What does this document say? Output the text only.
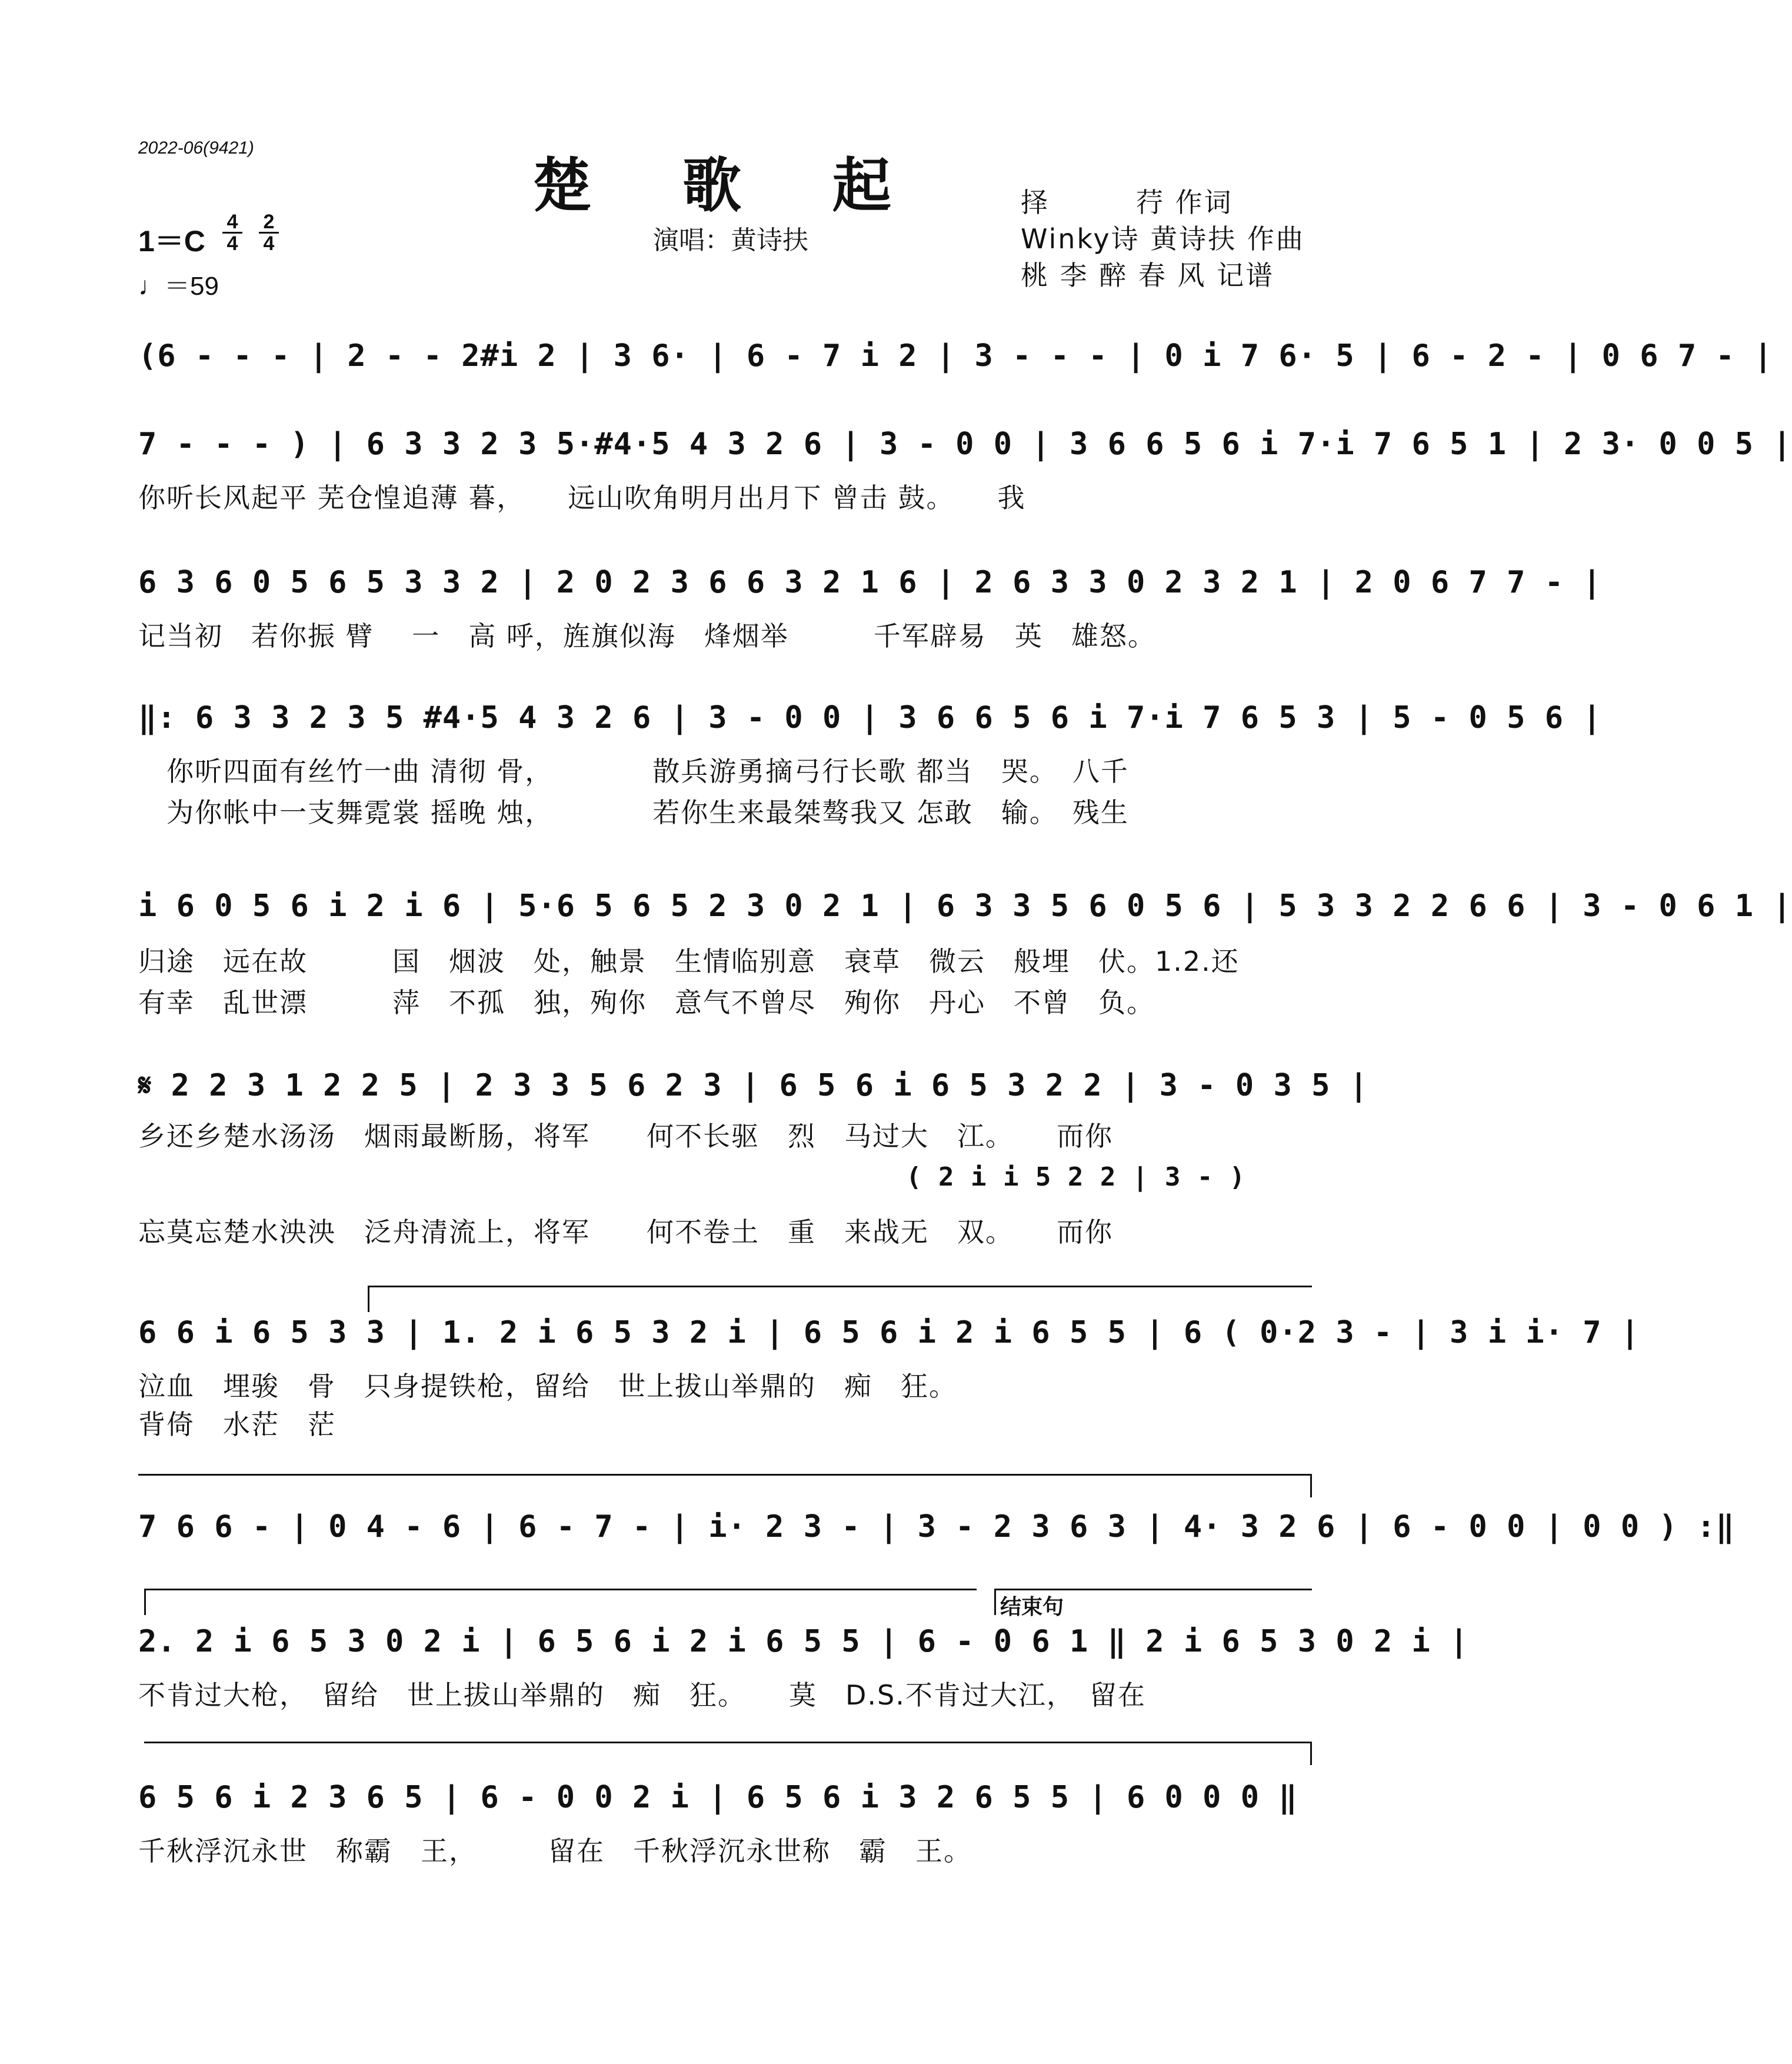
2022-06(9421)
楚 歌 起
演唱：黄诗扶
择　　　荇 作词
Winky诗 黄诗扶 作曲
桃 李 醉 春 风 记谱
1＝C
4
4
2
4
♩＝59
(6 - - - | 2 - - 2#i 2 | 3 6· | 6 - 7 i 2 | 3 - - - | 0 i 7 6· 5 | 6 - 2 - | 0 6 7 - |
7 - - - ) | 6 3 3 2 3 5·#4·5 4 3 2 6 | 3 - 0 0 | 3 6 6 5 6 i 7·i 7 6 5 1 | 2 3· 0 0 5 |
你听长风起平 芜仓惶追薄 暮，　　远山吹角明月出月下 曾击 鼓。　　我
6 3 6 0 5 6 5 3 3 2 | 2 0 2 3 6 6 3 2 1 6 | 2 6 3 3 0 2 3 2 1 | 2 0 6 7 7 - |
记当初　若你振 臂　 一　高 呼，旌旗似海　烽烟举　　　千军辟易　英　雄怒。
‖: 6 3 3 2 3 5 #4·5 4 3 2 6 | 3 - 0 0 | 3 6 6 5 6 i 7·i 7 6 5 3 | 5 - 0 5 6 |
　你听四面有丝竹一曲 清彻 骨，　　　　散兵游勇摘弓行长歌 都当　哭。　八千
　为你帐中一支舞霓裳 摇晚 烛，　　　　若你生来最桀骜我又 怎敢　输。　残生
i 6 0 5 6 i 2 i 6 | 5·6 5 6 5 2 3 0 2 1 | 6 3 3 5 6 0 5 6 | 5 3 3 2 2 6 6 | 3 - 0 6 1 |
归途　远在故　　　国　烟波　处，触景　生情临别意　衰草　微云　般埋　伏。1.2.还
有幸　乱世漂　　　萍　不孤　独，殉你　意气不曾尽　殉你　丹心　不曾　负。
𝄋 2 2 3 1 2 2 5 | 2 3 3 5 6 2 3 | 6 5 6 i 6 5 3 2 2 | 3 - 0 3 5 |
乡还乡楚水汤汤　烟雨最断肠，将军　　何不长驱　烈　马过大　江。　　而你
( 2 i i 5 2 2 | 3 - )
忘莫忘楚水泱泱　泛舟清流上，将军　　何不卷土　重　来战无　双。　　而你
6 6 i 6 5 3 3 | 1. 2 i 6 5 3 2 i | 6 5 6 i 2 i 6 5 5 | 6 ( 0·2 3 - | 3 i i· 7 |
泣血　埋骏　骨　只身提铁枪，留给　世上拔山举鼎的　痴　狂。
背倚　水茫　茫
7 6 6 - | 0 4 - 6 | 6 - 7 - | i· 2 3 - | 3 - 2 3 6 3 | 4· 3 2 6 | 6 - 0 0 | 0 0 ) :‖
结束句
2. 2 i 6 5 3 0 2 i | 6 5 6 i 2 i 6 5 5 | 6 - 0 6 1 ‖ 2 i 6 5 3 0 2 i |
不肯过大枪，　留给　世上拔山举鼎的　痴　狂。　　莫　D.S.不肯过大江，　留在
6 5 6 i 2 3 6 5 | 6 - 0 0 2 i | 6 5 6 i 3 2 6 5 5 | 6 0 0 0 ‖
千秋浮沉永世　称霸　王，　　　留在　千秋浮沉永世称　霸　王。
